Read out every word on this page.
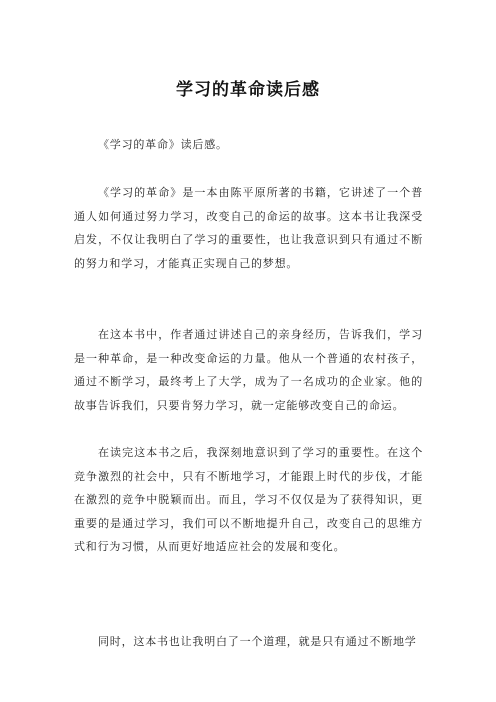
学习的革命读后感

《学习的革命》读后感。

《学习的革命》是一本由陈平原所著的书籍，它讲述了一个普通人如何通过努力学习，改变自己的命运的故事。这本书让我深受启发，不仅让我明白了学习的重要性，也让我意识到只有通过不断的努力和学习，才能真正实现自己的梦想。

在这本书中，作者通过讲述自己的亲身经历，告诉我们，学习是一种革命，是一种改变命运的力量。他从一个普通的农村孩子，通过不断学习，最终考上了大学，成为了一名成功的企业家。他的故事告诉我们，只要肯努力学习，就一定能够改变自己的命运。

在读完这本书之后，我深刻地意识到了学习的重要性。在这个竞争激烈的社会中，只有不断地学习，才能跟上时代的步伐，才能在激烈的竞争中脱颖而出。而且，学习不仅仅是为了获得知识，更重要的是通过学习，我们可以不断地提升自己，改变自己的思维方式和行为习惯，从而更好地适应社会的发展和变化。

同时，这本书也让我明白了一个道理，就是只有通过不断地学
